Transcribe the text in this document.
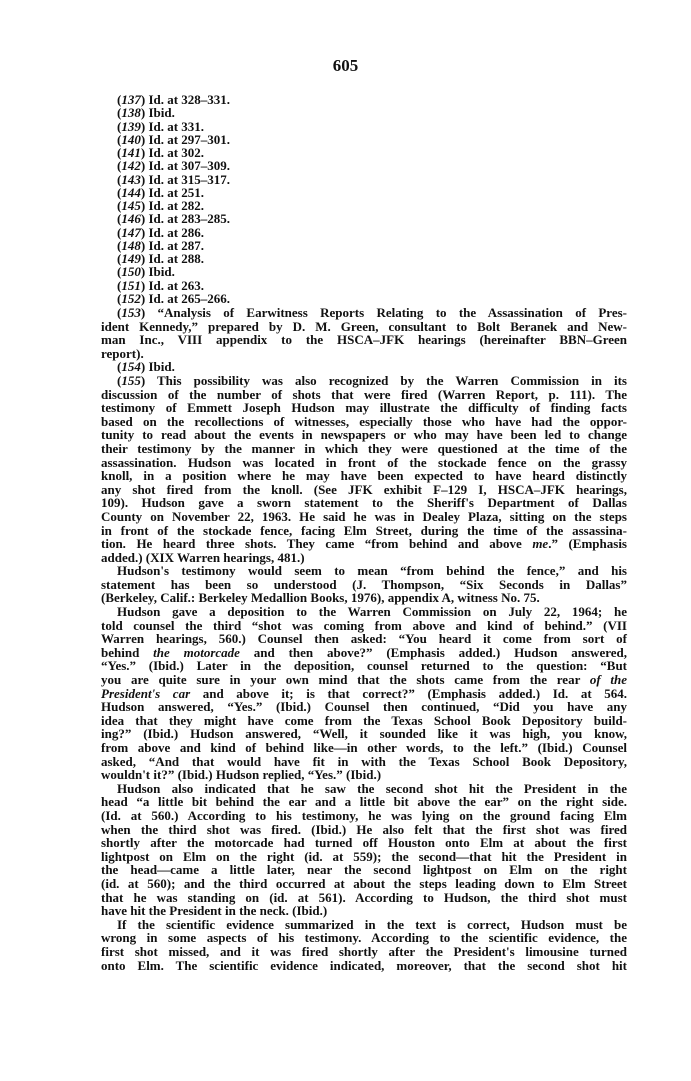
605
(137) Id. at 328–331.
(138) Ibid.
(139) Id. at 331.
(140) Id. at 297–301.
(141) Id. at 302.
(142) Id. at 307–309.
(143) Id. at 315–317.
(144) Id. at 251.
(145) Id. at 282.
(146) Id. at 283–285.
(147) Id. at 286.
(148) Id. at 287.
(149) Id. at 288.
(150) Ibid.
(151) Id. at 263.
(152) Id. at 265–266.
(153) “Analysis of Earwitness Reports Relating to the Assassination of Pres-
ident Kennedy,” prepared by D. M. Green, consultant to Bolt Beranek and New-
man Inc., VIII appendix to the HSCA–JFK hearings (hereinafter BBN–Green
report).
(154) Ibid.
(155) This possibility was also recognized by the Warren Commission in its
discussion of the number of shots that were fired (Warren Report, p. 111). The
testimony of Emmett Joseph Hudson may illustrate the difficulty of finding facts
based on the recollections of witnesses, especially those who have had the oppor-
tunity to read about the events in newspapers or who may have been led to change
their testimony by the manner in which they were questioned at the time of the
assassination. Hudson was located in front of the stockade fence on the grassy
knoll, in a position where he may have been expected to have heard distinctly
any shot fired from the knoll. (See JFK exhibit F–129 I, HSCA–JFK hearings,
109). Hudson gave a sworn statement to the Sheriff's Department of Dallas
County on November 22, 1963. He said he was in Dealey Plaza, sitting on the steps
in front of the stockade fence, facing Elm Street, during the time of the assassina-
tion. He heard three shots. They came “from behind and above me.” (Emphasis
added.) (XIX Warren hearings, 481.)
Hudson's testimony would seem to mean “from behind the fence,” and his
statement has been so understood (J. Thompson, “Six Seconds in Dallas”
(Berkeley, Calif.: Berkeley Medallion Books, 1976), appendix A, witness No. 75.
Hudson gave a deposition to the Warren Commission on July 22, 1964; he
told counsel the third “shot was coming from above and kind of behind.” (VII
Warren hearings, 560.) Counsel then asked: “You heard it come from sort of
behind the motorcade and then above?” (Emphasis added.) Hudson answered,
“Yes.” (Ibid.) Later in the deposition, counsel returned to the question: “But
you are quite sure in your own mind that the shots came from the rear of the
President's car and above it; is that correct?” (Emphasis added.) Id. at 564.
Hudson answered, “Yes.” (Ibid.) Counsel then continued, “Did you have any
idea that they might have come from the Texas School Book Depository build-
ing?” (Ibid.) Hudson answered, “Well, it sounded like it was high, you know,
from above and kind of behind like—in other words, to the left.” (Ibid.) Counsel
asked, “And that would have fit in with the Texas School Book Depository,
wouldn't it?” (Ibid.) Hudson replied, “Yes.” (Ibid.)
Hudson also indicated that he saw the second shot hit the President in the
head “a little bit behind the ear and a little bit above the ear” on the right side.
(Id. at 560.) According to his testimony, he was lying on the ground facing Elm
when the third shot was fired. (Ibid.) He also felt that the first shot was fired
shortly after the motorcade had turned off Houston onto Elm at about the first
lightpost on Elm on the right (id. at 559); the second—that hit the President in
the head—came a little later, near the second lightpost on Elm on the right
(id. at 560); and the third occurred at about the steps leading down to Elm Street
that he was standing on (id. at 561). According to Hudson, the third shot must
have hit the President in the neck. (Ibid.)
If the scientific evidence summarized in the text is correct, Hudson must be
wrong in some aspects of his testimony. According to the scientific evidence, the
first shot missed, and it was fired shortly after the President's limousine turned
onto Elm. The scientific evidence indicated, moreover, that the second shot hit
